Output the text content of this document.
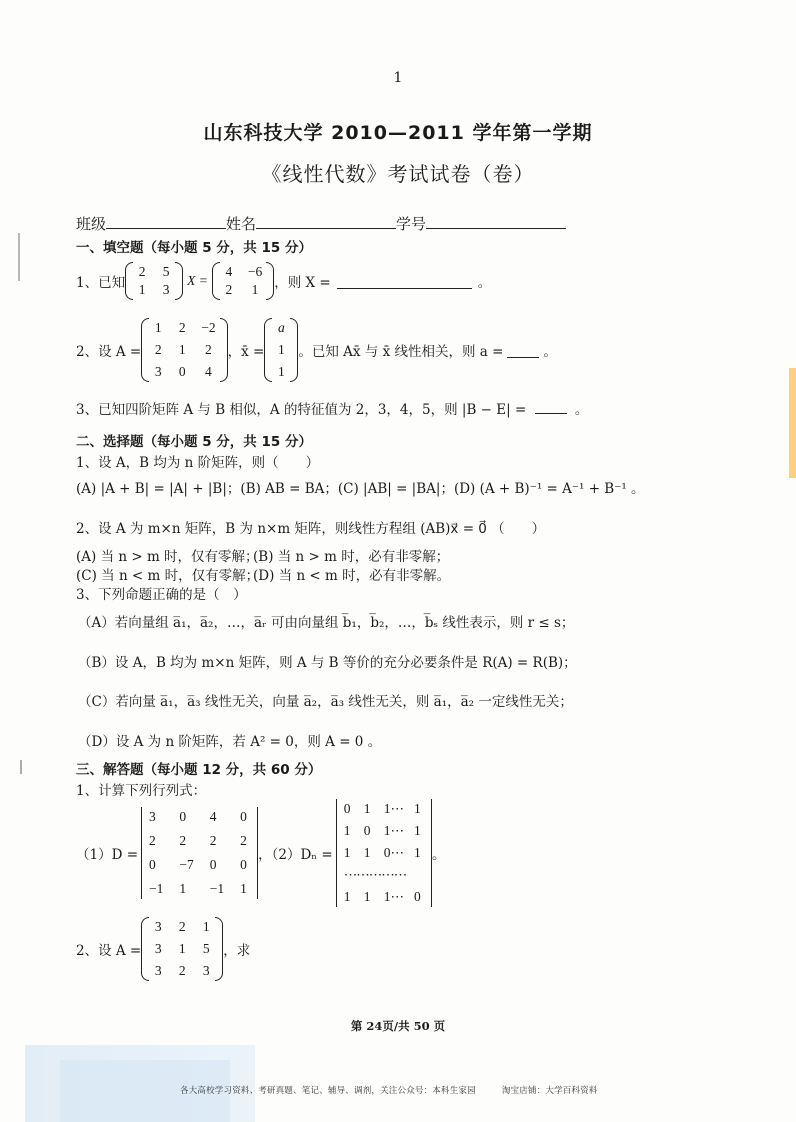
1
山东科技大学 2010—2011 学年第一学期
《线性代数》考试试卷（卷）
班级	姓名	学号
一、填空题（每小题 5 分，共 15 分）
1、已知
2 5
1 3
X =
4 −6
2 1 ，则 X =	。
2、设 A =
1 2 −2
2 1 2
3 0 4
，x̄ =
a
1
1
。已知 Ax̄ 与 x̄ 线性相关，则 a =	。
3、已知四阶矩阵 A 与 B 相似，A 的特征值为 2，3，4，5，则 |B − E| =	。
二、选择题（每小题 5 分，共 15 分）
1、设 A，B 均为 n 阶矩阵，则（　　）
(A) |A + B| = |A| + |B|；(B) AB = BA；(C) |AB| = |BA|；(D) (A + B)⁻¹ = A⁻¹ + B⁻¹ 。
2、设 A 为 m×n 矩阵，B 为 n×m 矩阵，则线性方程组 (AB)x⃗ = 0⃗ （　　）
(A) 当 n > m 时，仅有零解；
(B) 当 n > m 时，必有非零解；
(C) 当 n < m 时，仅有零解；
(D) 当 n < m 时，必有非零解。
3、下列命题正确的是（　）
（A）若向量组 a̅₁，a̅₂，…，a̅ᵣ 可由向量组 b̅₁，b̅₂，…，b̅ₛ 线性表示，则 r ≤ s；
（B）设 A，B 均为 m×n 矩阵，则 A 与 B 等价的充分必要条件是 R(A) = R(B)；
（C）若向量 a̅₁，a̅₃ 线性无关，向量 a̅₂，a̅₃ 线性无关，则 a̅₁，a̅₂ 一定线性无关；
（D）设 A 为 n 阶矩阵，若 A² = 0，则 A = 0 。
三、解答题（每小题 12 分，共 60 分）
1、计算下列行列式：
（1）D =
3	0	4	0
2	2	2	2
0	−7 0	0
−1 1	−1 1
，（2）Dₙ =
0 1 1⋯ 1
1 0 1⋯ 1
1 1 0⋯ 1
⋯⋯⋯⋯⋯
1 1 1⋯ 0
。
2、设 A =
3 2 1
3 1 5
3 2 3
，求
第 24页/共 50 页
各大高校学习资料、考研真题、笔记、辅导、调剂，关注公众号：本科生家园　　　淘宝店铺：大学百科资料
